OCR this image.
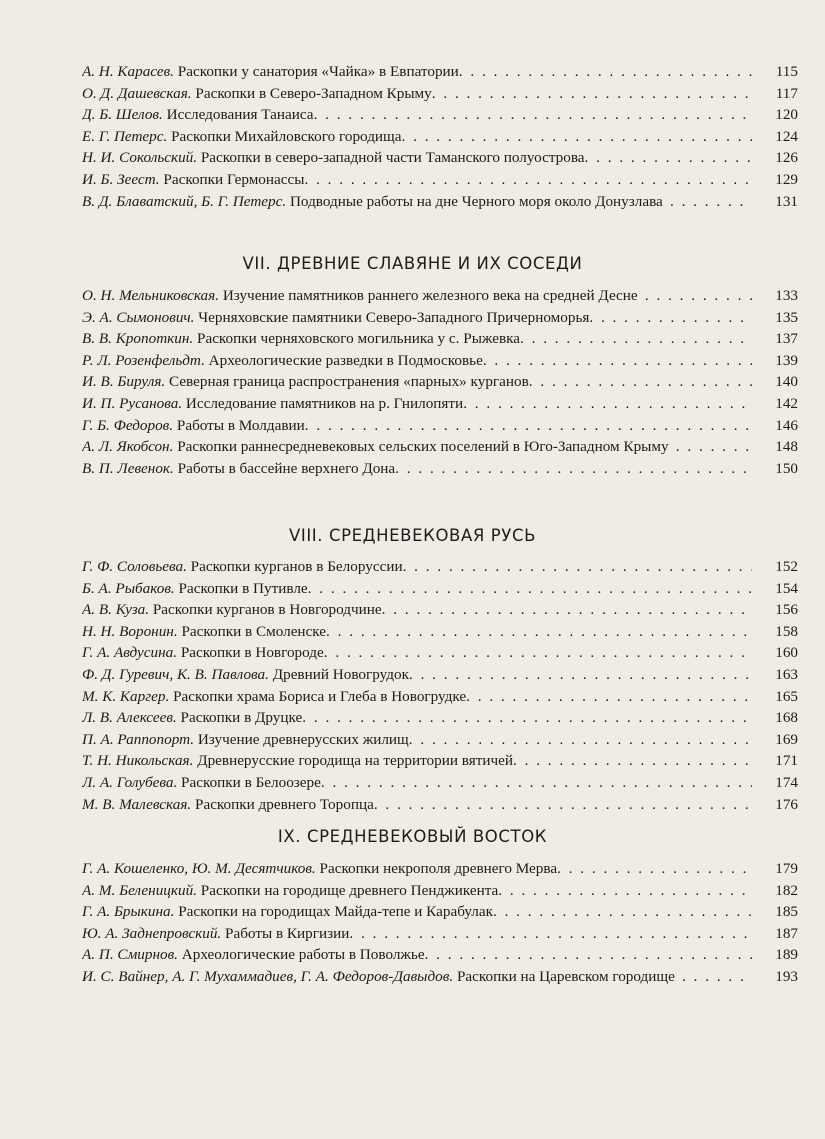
А. Н. Карасев. Раскопки у санатория «Чайка» в Евпатории . . .	115
О. Д. Дашевская. Раскопки в Северо-Западном Крыму . . .	117
Д. Б. Шелов. Исследования Танаиса . . .	120
Е. Г. Петерс. Раскопки Михайловского городища . . .	124
Н. И. Сокольский. Раскопки в северо-западной части Таманского полуострова . . .	126
И. Б. Зеест. Раскопки Гермонассы . . .	129
В. Д. Блаватский, Б. Г. Петерс. Подводные работы на дне Черного моря около Донузлава . . .	131
VII. ДРЕВНИЕ СЛАВЯНЕ И ИХ СОСЕДИ
О. Н. Мельниковская. Изучение памятников раннего железного века на средней Десне . . .	133
Э. А. Сымонович. Черняховские памятники Северо-Западного Причерноморья . . .	135
В. В. Кропоткин. Раскопки черняховского могильника у с. Рыжевка . . .	137
Р. Л. Розенфельдт. Археологические разведки в Подмосковье . . .	139
И. В. Бируля. Северная граница распространения «парных» курганов . . .	140
И. П. Русанова. Исследование памятников на р. Гнилопяти . . .	142
Г. Б. Федоров. Работы в Молдавии . . .	146
А. Л. Якобсон. Раскопки раннесредневековых сельских поселений в Юго-Западном Крыму . . .	148
В. П. Левенок. Работы в бассейне верхнего Дона . . .	150
VIII. СРЕДНЕВЕКОВАЯ РУСЬ
Г. Ф. Соловьева. Раскопки курганов в Белоруссии . . .	152
Б. А. Рыбаков. Раскопки в Путивле . . .	154
А. В. Куза. Раскопки курганов в Новгородчине . . .	156
Н. Н. Воронин. Раскопки в Смоленске . . .	158
Г. А. Авдусина. Раскопки в Новгороде . . .	160
Ф. Д. Гуревич, К. В. Павлова. Древний Новогрудок . . .	163
М. К. Каргер. Раскопки храма Бориса и Глеба в Новогрудке . . .	165
Л. В. Алексеев. Раскопки в Друцке . . .	168
П. А. Раппопорт. Изучение древнерусских жилищ . . .	169
Т. Н. Никольская. Древнерусские городища на территории вятичей . . .	171
Л. А. Голубева. Раскопки в Белоозере . . .	174
М. В. Малевская. Раскопки древнего Торопца . . .	176
IX. СРЕДНЕВЕКОВЫЙ ВОСТОК
Г. А. Кошеленко, Ю. М. Десятчиков. Раскопки некрополя древнего Мерва . . .	179
А. М. Беленицкий. Раскопки на городище древнего Пенджикента . . .	182
Г. А. Брыкина. Раскопки на городищах Майда-тепе и Карабулак . . .	185
Ю. А. Заднепровский. Работы в Киргизии . . .	187
А. П. Смирнов. Археологические работы в Поволжье . . .	189
И. С. Вайнер, А. Г. Мухаммадиев, Г. А. Федоров-Давыдов. Раскопки на Царевском городище . . .	193
